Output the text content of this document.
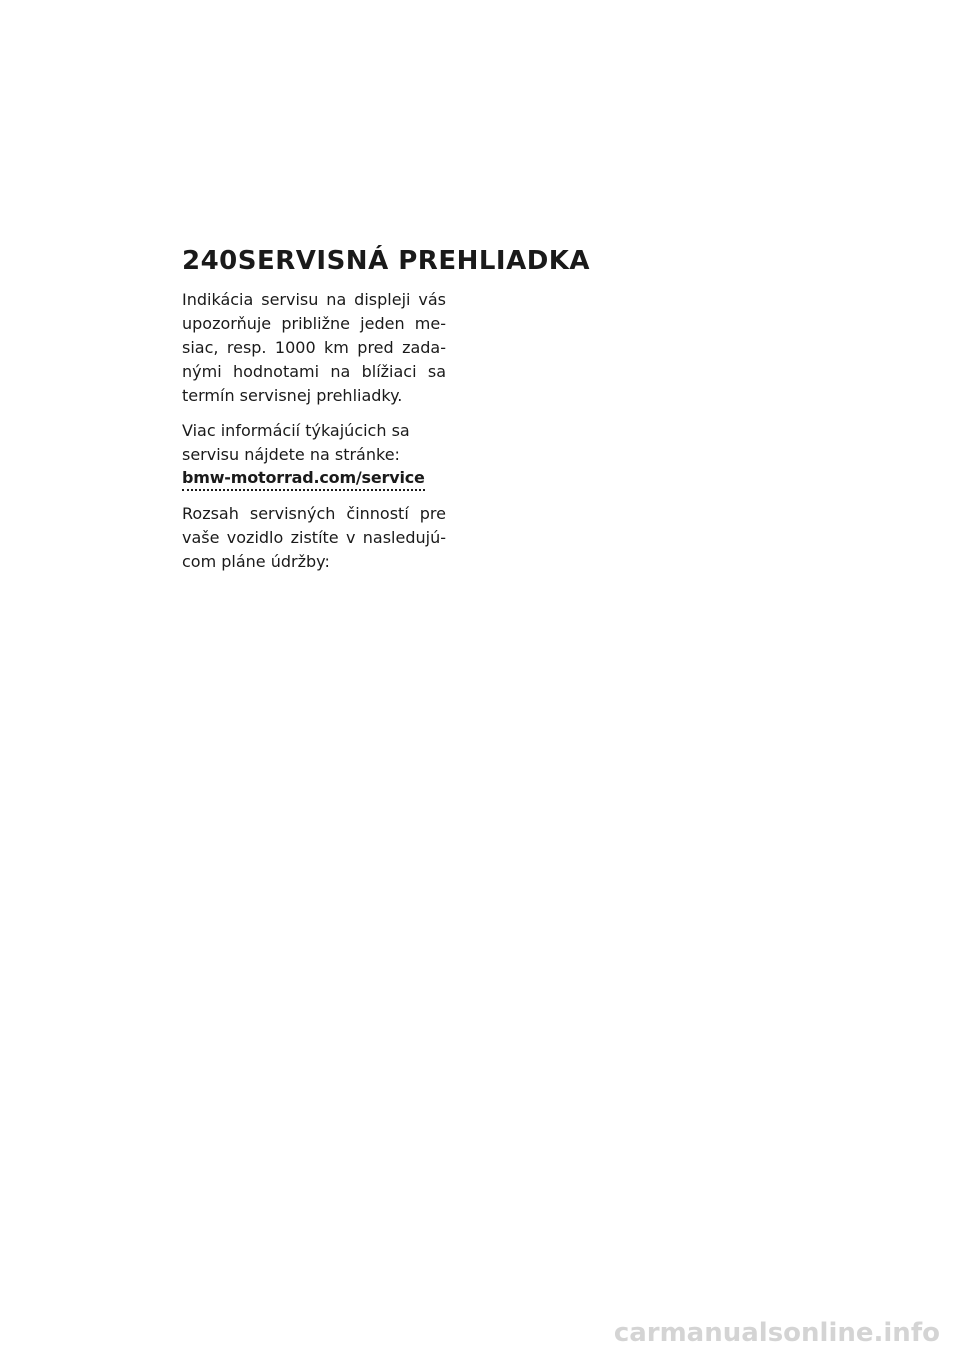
240 SERVISNÁ PREHLIADKA
Indikácia servisu na displeji vás
upozorňuje približne jeden me-
siac, resp. 1000 km pred zada-
nými hodnotami na blížiaci sa
termín servisnej prehliadky.
Viac informácií týkajúcich sa
servisu nájdete na stránke:
bmw-motorrad.com/service
Rozsah servisných činností pre
vaše vozidlo zistíte v nasledujú-
com pláne údržby:
carmanualsonline.info
